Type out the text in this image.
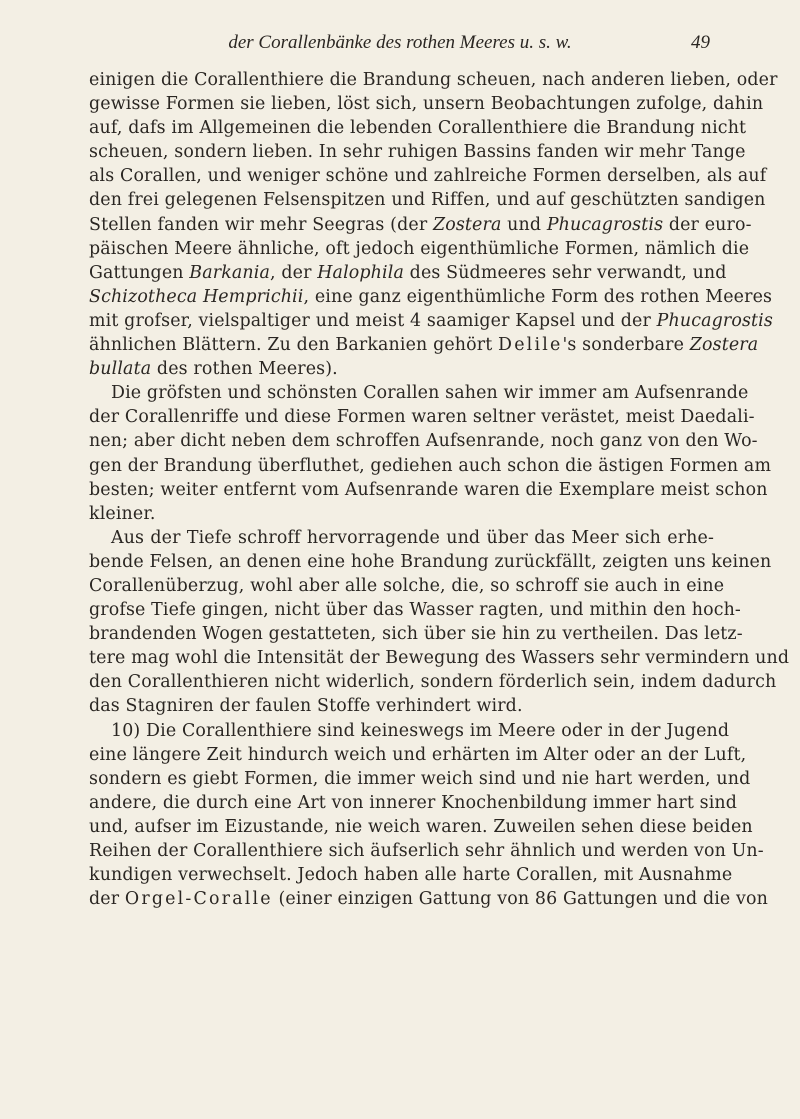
der Corallenbänke des rothen Meeres u. s. w.	49
einigen die Corallenthiere die Brandung scheuen, nach anderen lieben, oder
gewisse Formen sie lieben, löst sich, unsern Beobachtungen zufolge, dahin
auf, dafs im Allgemeinen die lebenden Corallenthiere die Brandung nicht
scheuen, sondern lieben. In sehr ruhigen Bassins fanden wir mehr Tange
als Corallen, und weniger schöne und zahlreiche Formen derselben, als auf
den frei gelegenen Felsenspitzen und Riffen, und auf geschützten sandigen
Stellen fanden wir mehr Seegras (der Zostera und Phucagrostis der euro-
päischen Meere ähnliche, oft jedoch eigenthümliche Formen, nämlich die
Gattungen Barkania, der Halophila des Südmeeres sehr verwandt, und
Schizotheca Hemprichii, eine ganz eigenthümliche Form des rothen Meeres
mit grofser, vielspaltiger und meist 4 saamiger Kapsel und der Phucagrostis
ähnlichen Blättern. Zu den Barkanien gehört Delile's sonderbare Zostera
bullata des rothen Meeres).
Die gröfsten und schönsten Corallen sahen wir immer am Aufsenrande
der Corallenriffe und diese Formen waren seltner verästet, meist Daedali-
nen; aber dicht neben dem schroffen Aufsenrande, noch ganz von den Wo-
gen der Brandung überfluthet, gediehen auch schon die ästigen Formen am
besten; weiter entfernt vom Aufsenrande waren die Exemplare meist schon
kleiner.
Aus der Tiefe schroff hervorragende und über das Meer sich erhe-
bende Felsen, an denen eine hohe Brandung zurückfällt, zeigten uns keinen
Corallenüberzug, wohl aber alle solche, die, so schroff sie auch in eine
grofse Tiefe gingen, nicht über das Wasser ragten, und mithin den hoch-
brandenden Wogen gestatteten, sich über sie hin zu vertheilen. Das letz-
tere mag wohl die Intensität der Bewegung des Wassers sehr vermindern und
den Corallenthieren nicht widerlich, sondern förderlich sein, indem dadurch
das Stagniren der faulen Stoffe verhindert wird.
10) Die Corallenthiere sind keineswegs im Meere oder in der Jugend
eine längere Zeit hindurch weich und erhärten im Alter oder an der Luft,
sondern es giebt Formen, die immer weich sind und nie hart werden, und
andere, die durch eine Art von innerer Knochenbildung immer hart sind
und, aufser im Eizustande, nie weich waren. Zuweilen sehen diese beiden
Reihen der Corallenthiere sich äufserlich sehr ähnlich und werden von Un-
kundigen verwechselt. Jedoch haben alle harte Corallen, mit Ausnahme
der Orgel-Coralle (einer einzigen Gattung von 86 Gattungen und die von
